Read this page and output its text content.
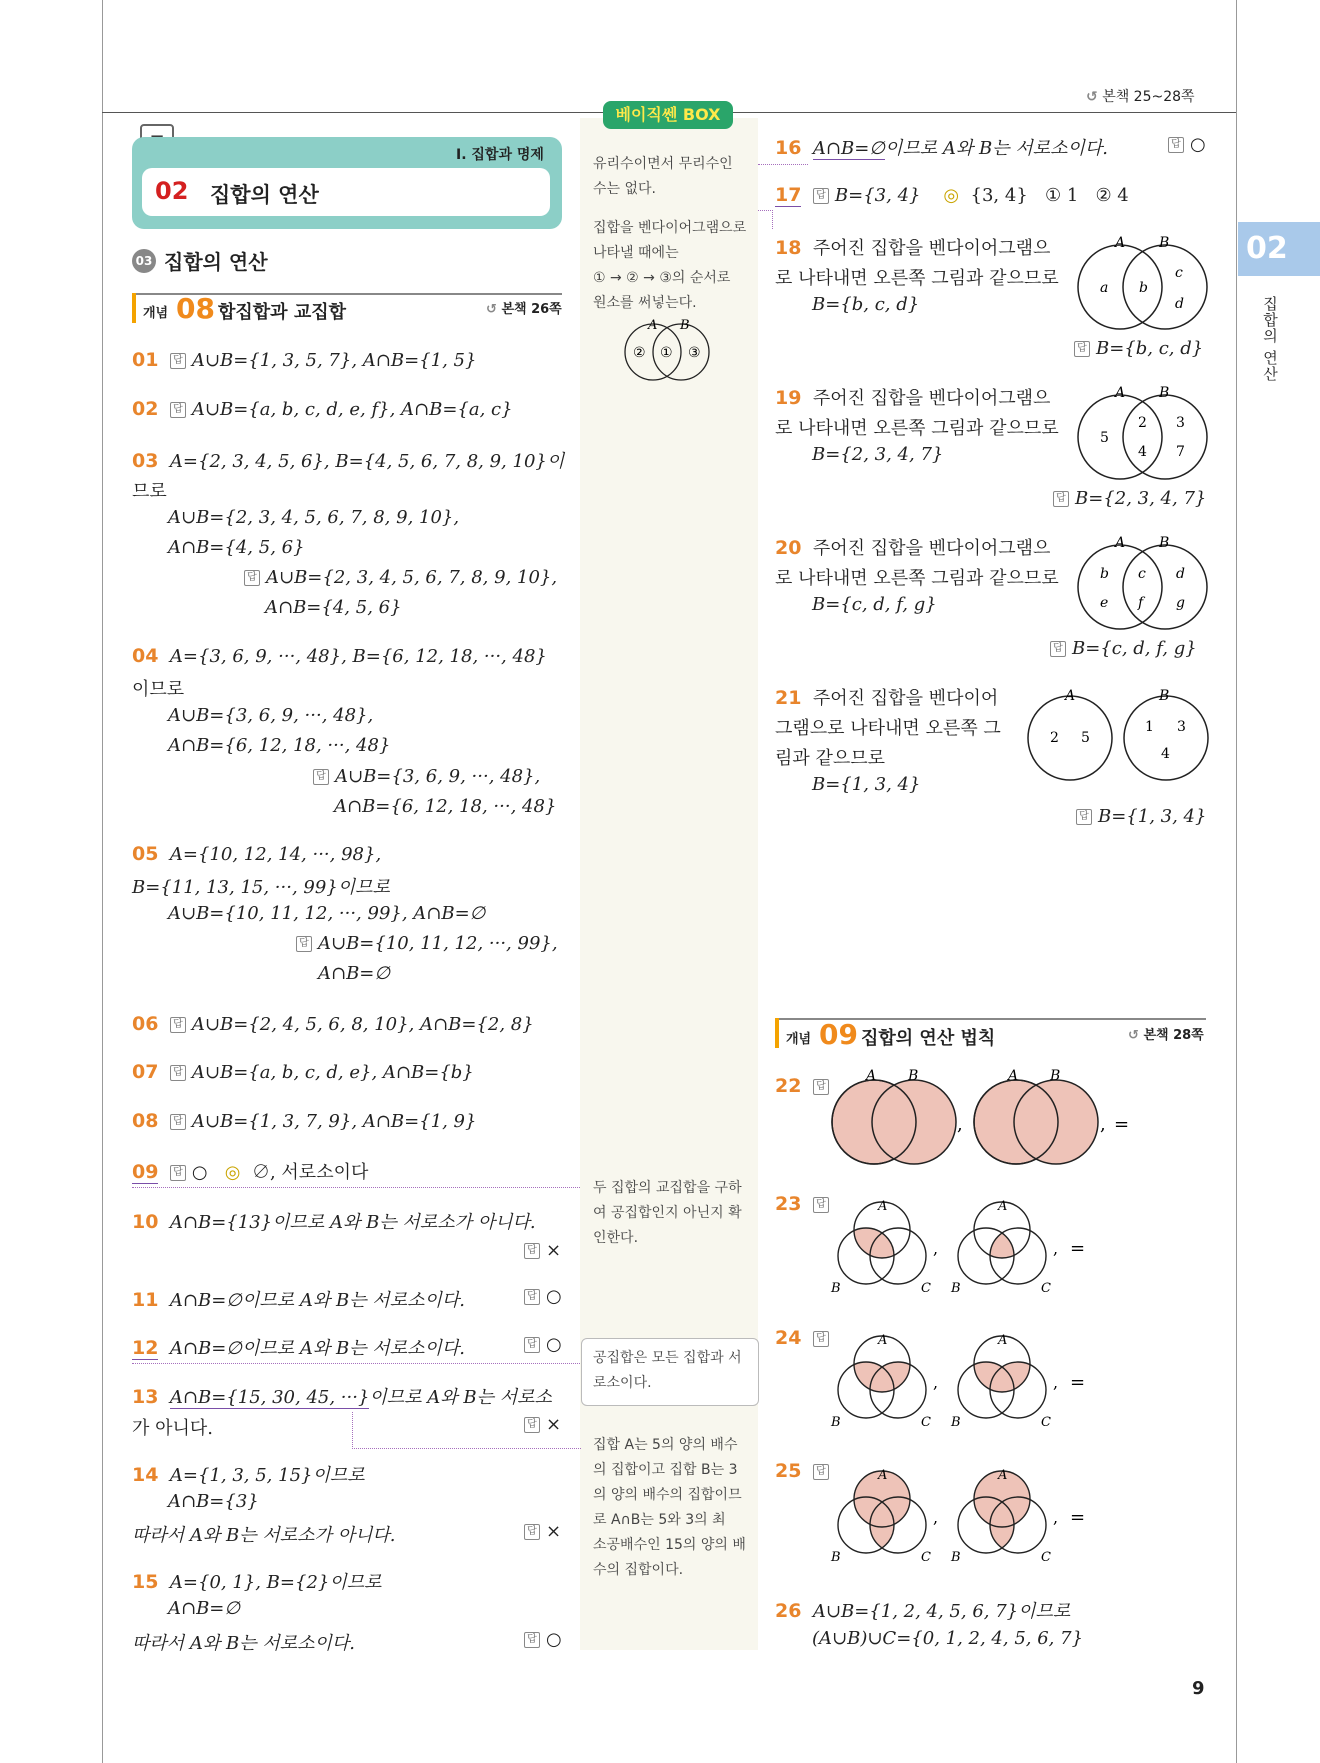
↺ 본책 25~28쪽
02
집합의 연산
베이직쎈 BOX
유리수이면서 무리수인
수는 없다.
집합을 벤다이어그램으로
나타낼 때에는
① → ② → ③의 순서로
원소를 써넣는다.
A B
② ① ③
두 집합의 교집합을 구하
여 공집합인지 아닌지 확
인한다.
공집합은 모든 집합과 서
로소이다.
집합 A는 5의 양의 배수
의 집합이고 집합 B는 3
의 양의 배수의 집합이므
로 A∩B는 5와 3의 최
소공배수인 15의 양의 배
수의 집합이다.
Ⅰ. 집합과 명제
02 집합의 연산
03 집합의 연산
개념 08 합집합과 교집합	↺ 본책 26쪽
01 답 A∪B={1, 3, 5, 7}, A∩B={1, 5}
02 답 A∪B={a, b, c, d, e, f}, A∩B={a, c}
03 A={2, 3, 4, 5, 6}, B={4, 5, 6, 7, 8, 9, 10}이
므로
A∪B={2, 3, 4, 5, 6, 7, 8, 9, 10},
A∩B={4, 5, 6}
답 A∪B={2, 3, 4, 5, 6, 7, 8, 9, 10},
A∩B={4, 5, 6}
04 A={3, 6, 9, ···, 48}, B={6, 12, 18, ···, 48}
이므로
A∪B={3, 6, 9, ···, 48},
A∩B={6, 12, 18, ···, 48}
답 A∪B={3, 6, 9, ···, 48},
A∩B={6, 12, 18, ···, 48}
05 A={10, 12, 14, ···, 98},
B={11, 13, 15, ···, 99}이므로
A∪B={10, 11, 12, ···, 99}, A∩B=∅
답 A∪B={10, 11, 12, ···, 99},
A∩B=∅
06 답 A∪B={2, 4, 5, 6, 8, 10}, A∩B={2, 8}
07 답 A∪B={a, b, c, d, e}, A∩B={b}
08 답 A∪B={1, 3, 7, 9}, A∩B={1, 9}
09 답 ○ ◎ ∅, 서로소이다
10 A∩B={13}이므로 A와 B는 서로소가 아니다.
답 ×
11 A∩B=∅이므로 A와 B는 서로소이다.	답 ○
12 A∩B=∅이므로 A와 B는 서로소이다.	답 ○
13 A∩B={15, 30, 45, ···}이므로 A와 B는 서로소
가 아니다.	답 ×
14 A={1, 3, 5, 15}이므로
A∩B={3}
따라서 A와 B는 서로소가 아니다.	답 ×
15 A={0, 1}, B={2}이므로
A∩B=∅
따라서 A와 B는 서로소이다.	답 ○
16 A∩B=∅이므로 A와 B는 서로소이다.	답 ○
17 답 B={3, 4} ◎ {3, 4} ① 1 ② 4
18 주어진 집합을 벤다이어그램으
로 나타내면 오른쪽 그림과 같으므로
B={b, c, d}
답 B={b, c, d}
A B
a b
c
d
19 주어진 집합을 벤다이어그램으
로 나타내면 오른쪽 그림과 같으므로
B={2, 3, 4, 7}
답 B={2, 3, 4, 7}
A B
5
2
4
3
7
20 주어진 집합을 벤다이어그램으
로 나타내면 오른쪽 그림과 같으므로
B={c, d, f, g}
답 B={c, d, f, g}
A B
b
e
c
f
d
g
21 주어진 집합을 벤다이어
그램으로 나타내면 오른쪽 그
림과 같으므로
B={1, 3, 4}
답 B={1, 3, 4}
A	B
2 5
1 3
4
개념 09 집합의 연산 법칙	↺ 본책 28쪽
22 답
A B
,
A B
, =
23 답	A
B	C
,
A
B	C
, =
24 답	A
B	C
,
A
B	C
, =
25 답	A
B	C
,
A
B	C
, =
26 A∪B={1, 2, 4, 5, 6, 7}이므로
(A∪B)∪C={0, 1, 2, 4, 5, 6, 7}
9
